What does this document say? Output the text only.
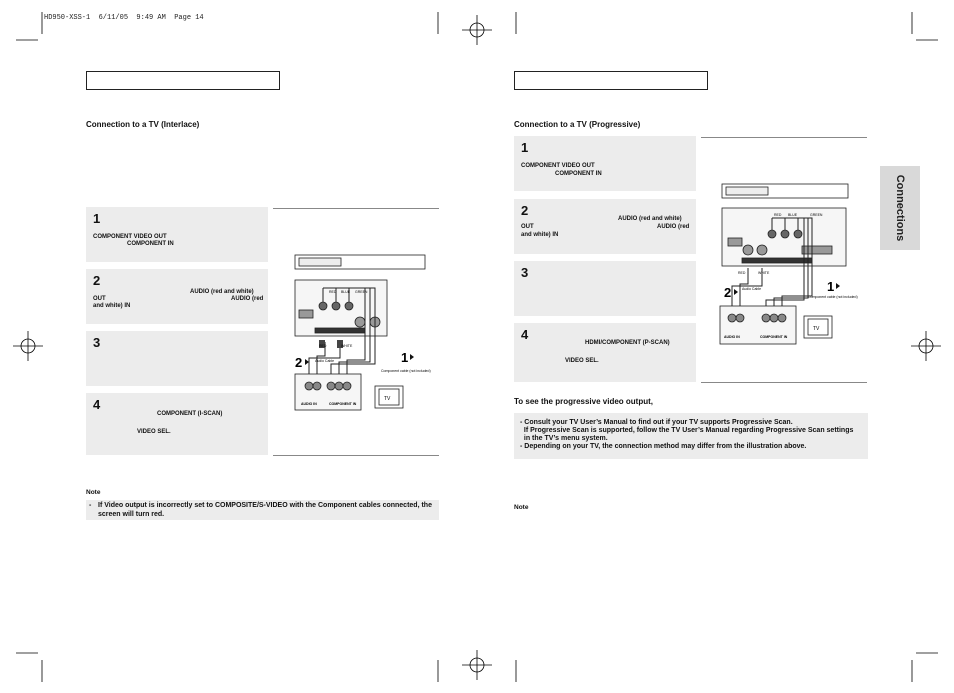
HD950-XSS-1  6/11/05  9:49 AM  Page 14
Connection to a TV (Interlace)
1
COMPONENT VIDEO OUT
COMPONENT IN
2
AUDIO (red and white)
OUT	AUDIO (red
and white) IN
3
4
COMPONENT (I-SCAN)
VIDEO SEL.
RED BLUE GREEN
RED	WHITE
Audio Cable
Component cable (not included)
1
2
AUDIO IN	COMPONENT IN
TV
Note
- If Video output is incorrectly set to COMPOSITE/S-VIDEO with the Component cables connected, the screen will turn red.
Connection to a TV (Progressive)
1
COMPONENT VIDEO OUT
COMPONENT IN
2
AUDIO (red and white)
OUT	AUDIO (red
and white) IN
3
4
HDMI/COMPONENT (P-SCAN)
VIDEO SEL.
RED BLUE	GREEN
RED	WHITE
Audio Cable
Component cable (not included)
1
2
AUDIO IN	COMPONENT IN
TV
To see the progressive video output,
- Consult your TV User’s Manual to find out if your TV supports Progressive Scan.
If Progressive Scan is supported, follow the TV User’s Manual regarding Progressive Scan settings
in the TV’s menu system.
- Depending on your TV, the connection method may differ from the illustration above.
Note
Connections
